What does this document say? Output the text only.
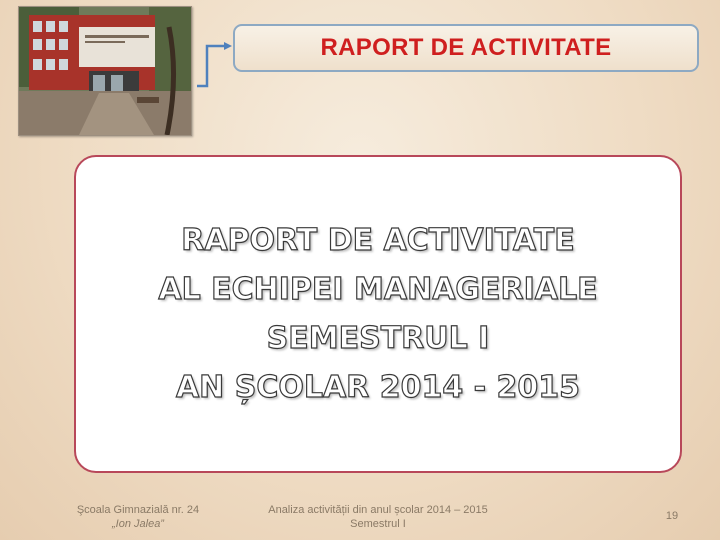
RAPORT DE ACTIVITATE
RAPORT DE ACTIVITATE
AL ECHIPEI MANAGERIALE
SEMESTRUL I
AN ȘCOLAR 2014 - 2015
Şcoala Gimnazială nr. 24
„Ion Jalea”
Analiza activității din anul școlar 2014 – 2015
Semestrul I
19
